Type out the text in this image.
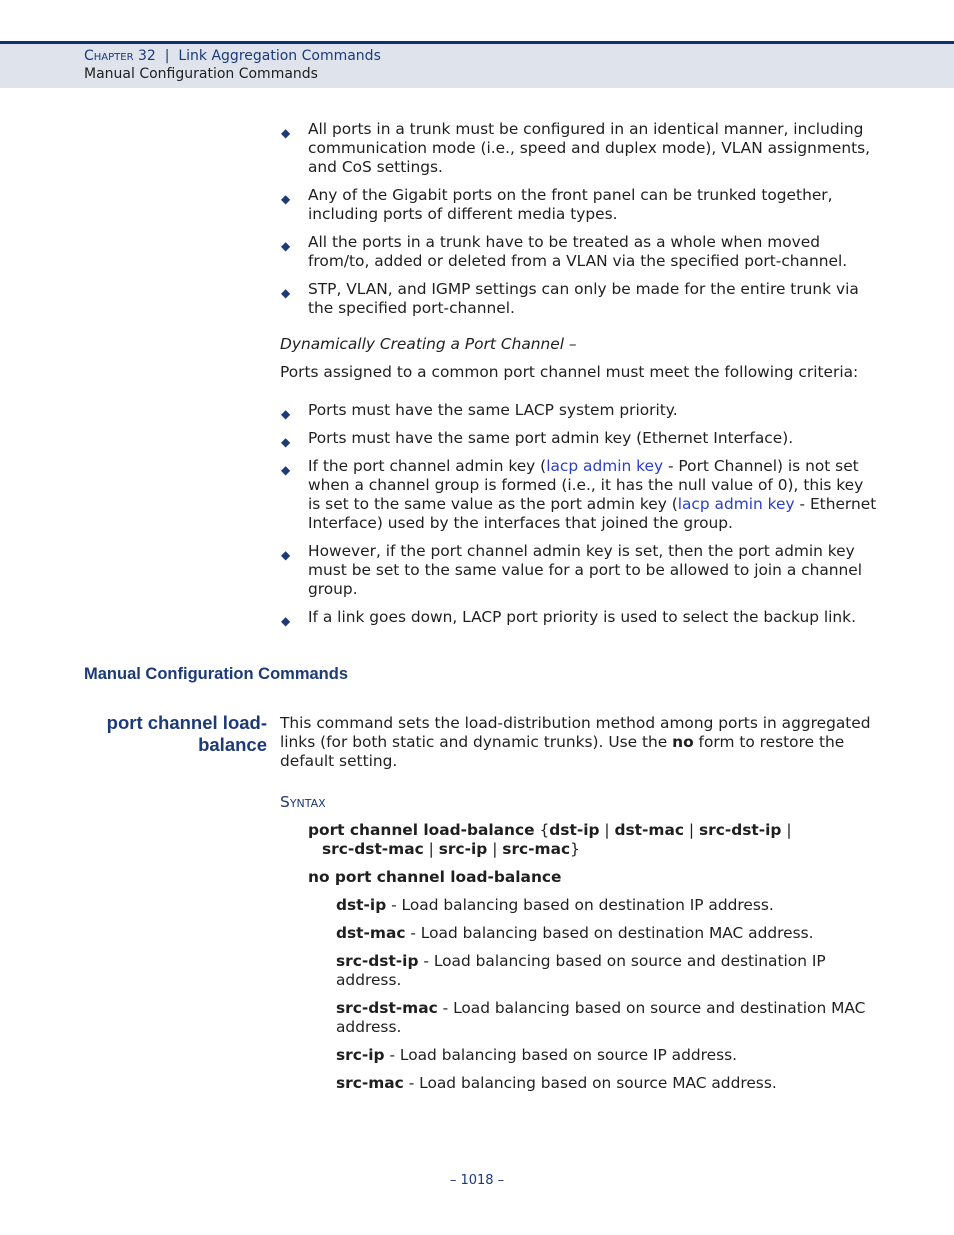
Chapter 32 | Link Aggregation Commands
Manual Configuration Commands
◆ All ports in a trunk must be configured in an identical manner, including communication mode (i.e., speed and duplex mode), VLAN assignments, and CoS settings.
◆ Any of the Gigabit ports on the front panel can be trunked together, including ports of different media types.
◆ All the ports in a trunk have to be treated as a whole when moved from/to, added or deleted from a VLAN via the specified port-channel.
◆ STP, VLAN, and IGMP settings can only be made for the entire trunk via the specified port-channel.
Dynamically Creating a Port Channel –
Ports assigned to a common port channel must meet the following criteria:
◆ Ports must have the same LACP system priority.
◆ Ports must have the same port admin key (Ethernet Interface).
◆ If the port channel admin key (lacp admin key - Port Channel) is not set when a channel group is formed (i.e., it has the null value of 0), this key is set to the same value as the port admin key (lacp admin key - Ethernet Interface) used by the interfaces that joined the group.
◆ However, if the port channel admin key is set, then the port admin key must be set to the same value for a port to be allowed to join a channel group.
◆ If a link goes down, LACP port priority is used to select the backup link.
Manual Configuration Commands
port channel load-
balance
This command sets the load-distribution method among ports in aggregated links (for both static and dynamic trunks). Use the no form to restore the default setting.
Syntax
port channel load-balance {dst-ip | dst-mac | src-dst-ip |
src-dst-mac | src-ip | src-mac}
no port channel load-balance
dst-ip - Load balancing based on destination IP address.
dst-mac - Load balancing based on destination MAC address.
src-dst-ip - Load balancing based on source and destination IP address.
src-dst-mac - Load balancing based on source and destination MAC address.
src-ip - Load balancing based on source IP address.
src-mac - Load balancing based on source MAC address.
– 1018 –
